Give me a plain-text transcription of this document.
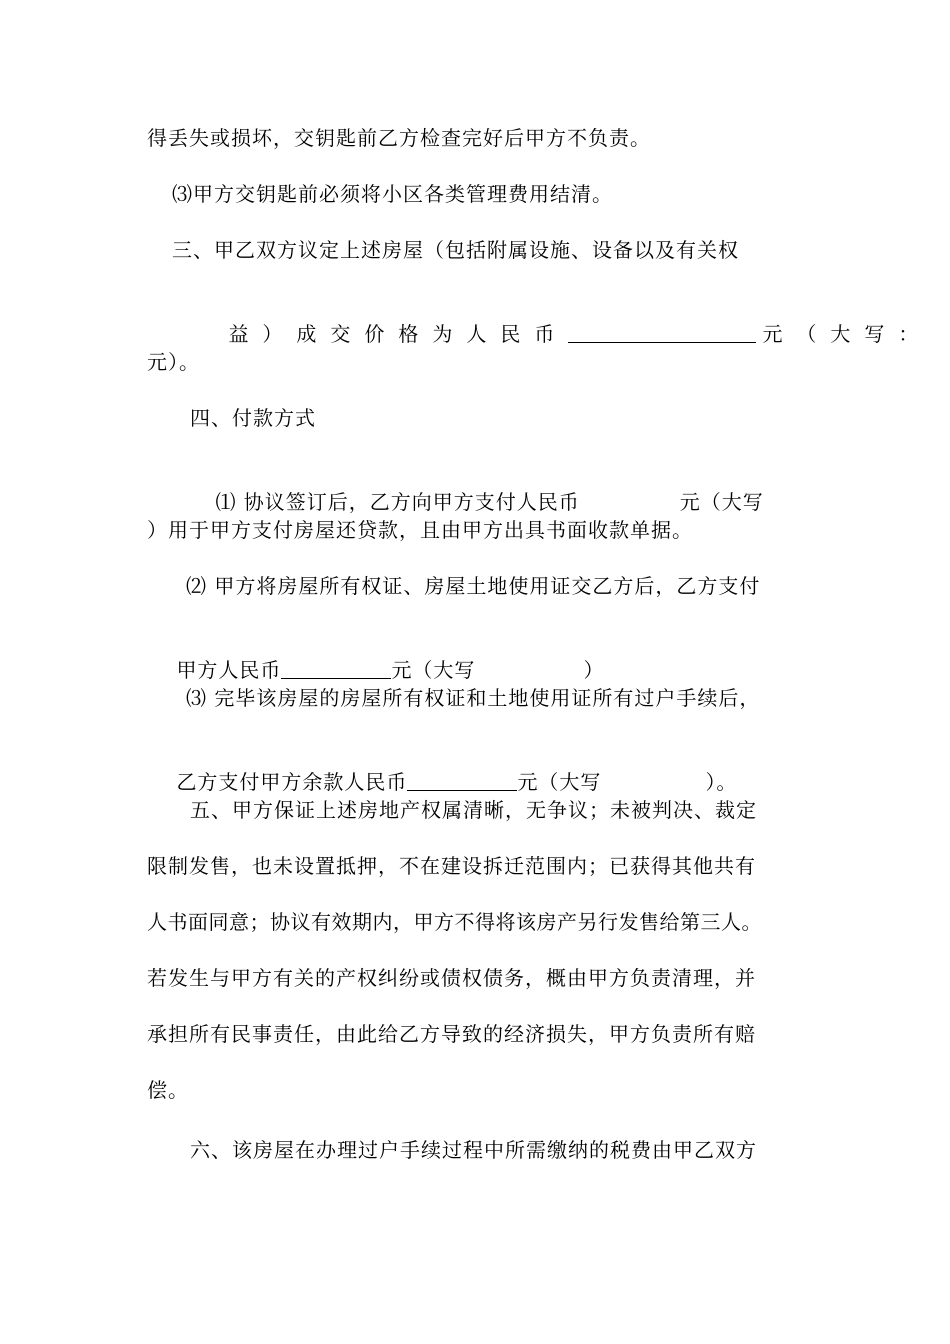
得丢失或损坏，交钥匙前乙方检查完好后甲方不负责。
⑶甲方交钥匙前必须将小区各类管理费用结清。
三、甲乙双方议定上述房屋（包括附属设施、设备以及有关权

益）成交价格为人民币	元（大写：

元）。
四、付款方式

⑴ 协议签订后，乙方向甲方支付人民币	元（大写

）用于甲方支付房屋还贷款，且由甲方出具书面收款单据。
⑵ 甲方将房屋所有权证、房屋土地使用证交乙方后，乙方支付

甲方人民币	元（大写	）

⑶ 完毕该房屋的房屋所有权证和土地使用证所有过户手续后，

乙方支付甲方余款人民币	元（大写	）。

五、甲方保证上述房地产权属清晰，无争议；未被判决、裁定
限制发售，也未设置抵押，不在建设拆迁范围内；已获得其他共有
人书面同意；协议有效期内，甲方不得将该房产另行发售给第三人。
若发生与甲方有关的产权纠纷或债权债务，概由甲方负责清理，并
承担所有民事责任，由此给乙方导致的经济损失，甲方负责所有赔
偿。
六、该房屋在办理过户手续过程中所需缴纳的税费由甲乙双方
